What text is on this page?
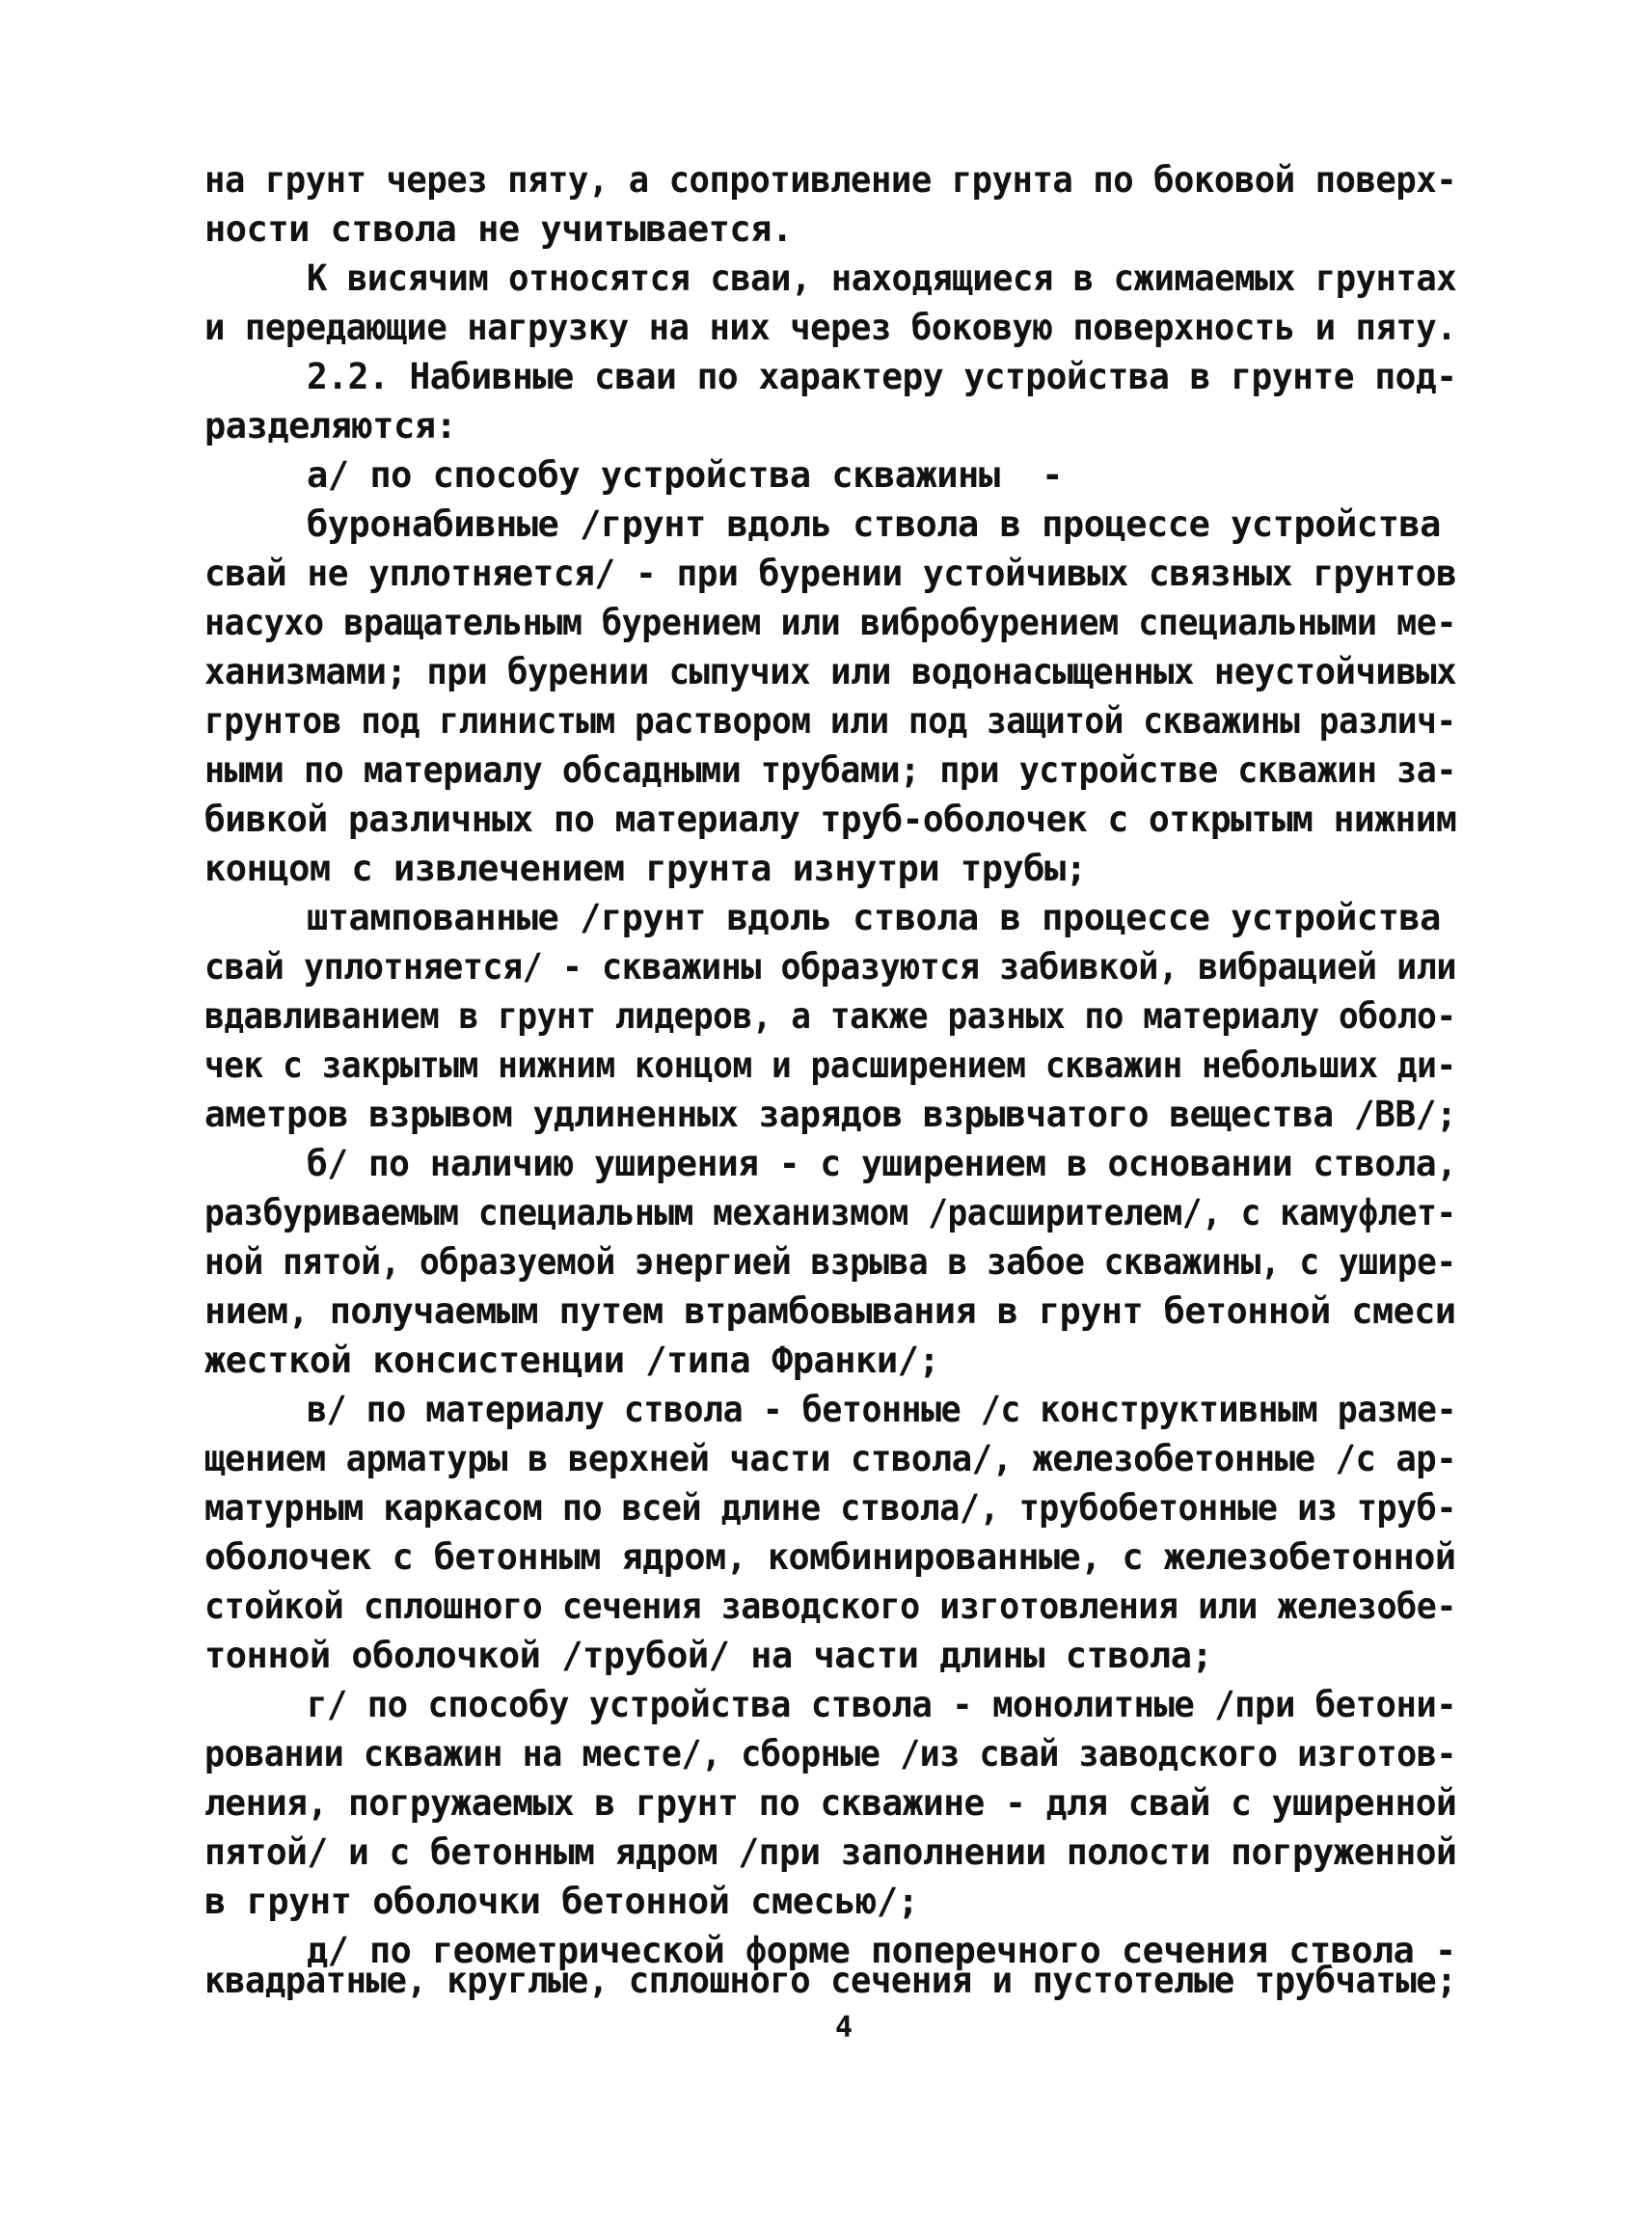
на грунт через пяту, а сопротивление грунта по боковой поверх-
ности ствола не учитывается.
К висячим относятся сваи, находящиеся в сжимаемых грунтах
и передающие нагрузку на них через боковую поверхность и пяту.
2.2. Набивные сваи по характеру устройства в грунте под-
разделяются:
а/ по способу устройства скважины  -
буронабивные /грунт вдоль ствола в процессе устройства
свай не уплотняется/ - при бурении устойчивых связных грунтов
насухо вращательным бурением или вибробурением специальными ме-
ханизмами; при бурении сыпучих или водонасыщенных неустойчивых
грунтов под глинистым раствором или под защитой скважины различ-
ными по материалу обсадными трубами; при устройстве скважин за-
бивкой различных по материалу труб-оболочек с открытым нижним
концом с извлечением грунта изнутри трубы;
штампованные /грунт вдоль ствола в процессе устройства
свай уплотняется/ - скважины образуются забивкой, вибрацией или
вдавливанием в грунт лидеров, а также разных по материалу оболо-
чек с закрытым нижним концом и расширением скважин небольших ди-
аметров взрывом удлиненных зарядов взрывчатого вещества /ВВ/;
б/ по наличию уширения - с уширением в основании ствола,
разбуриваемым специальным механизмом /расширителем/, с камуфлет-
ной пятой, образуемой энергией взрыва в забое скважины, с ушире-
нием, получаемым путем втрамбовывания в грунт бетонной смеси
жесткой консистенции /типа Франки/;
в/ по материалу ствола - бетонные /с конструктивным разме-
щением арматуры в верхней части ствола/, железобетонные /с ар-
матурным каркасом по всей длине ствола/, трубобетонные из труб-
оболочек с бетонным ядром, комбинированные, с железобетонной
стойкой сплошного сечения заводского изготовления или железобе-
тонной оболочкой /трубой/ на части длины ствола;
г/ по способу устройства ствола - монолитные /при бетони-
ровании скважин на месте/, сборные /из свай заводского изготов-
ления, погружаемых в грунт по скважине - для свай с уширенной
пятой/ и с бетонным ядром /при заполнении полости погруженной
в грунт оболочки бетонной смесью/;
д/ по геометрической форме поперечного сечения ствола -
квадратные, круглые, сплошного сечения и пустотелые трубчатые;
4
